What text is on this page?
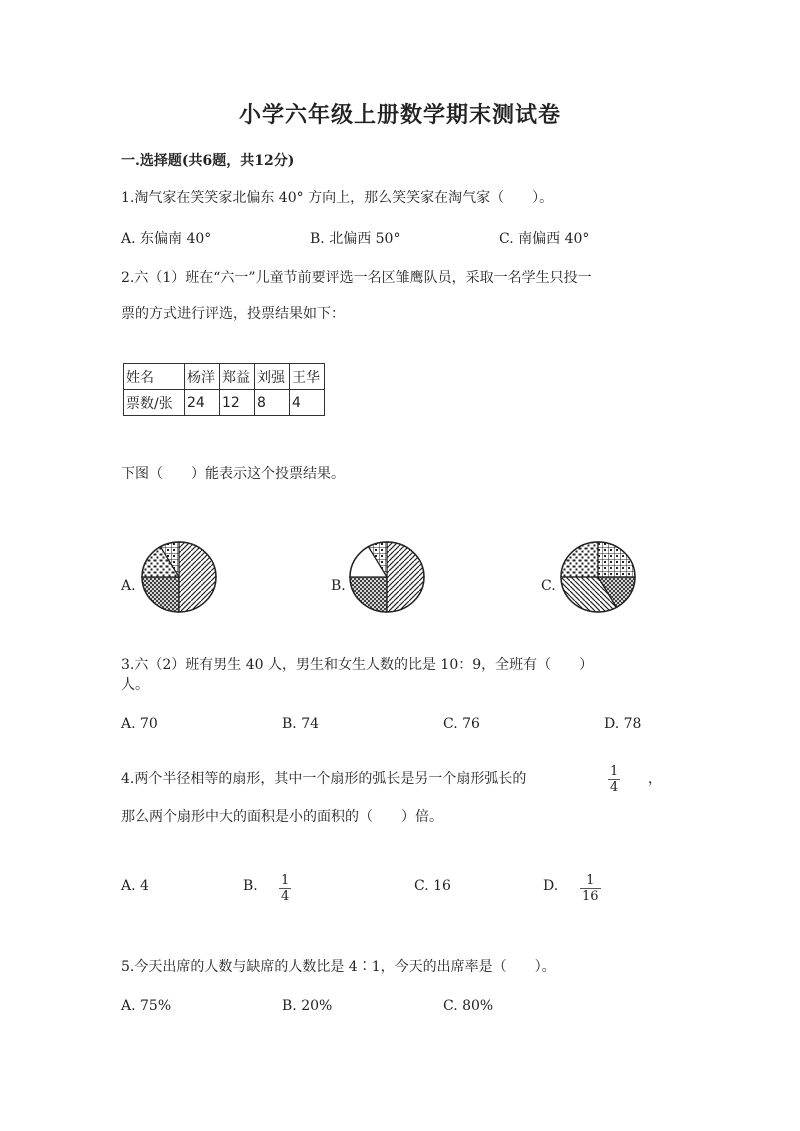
小学六年级上册数学期末测试卷
一.选择题(共6题，共12分)
1.淘气家在笑笑家北偏东 40° 方向上，那么笑笑家在淘气家（　　）。
A. 东偏南 40°	B. 北偏西 50°	C. 南偏西 40°
2.六（1）班在“六一”儿童节前要评选一名区雏鹰队员，采取一名学生只投一
票的方式进行评选，投票结果如下：
姓名	杨洋	郑益	刘强	王华
票数/张	24	12	8	4
下图（　　）能表示这个投票结果。
A.	B.	C.
3.六（2）班有男生 40 人，男生和女生人数的比是 10：9，全班有（　　）
人。
A. 70	B. 74	C. 76	D. 78
4.两个半径相等的扇形，其中一个扇形的弧长是另一个扇形弧长的	$\frac{1}{4}$ ，
那么两个扇形中大的面积是小的面积的（　　）倍。
A. 4	B. $\frac{1}{4}$	C. 16	D. $\frac{1}{16}$
5.今天出席的人数与缺席的人数比是 4∶1，今天的出席率是（　　）。
A. 75%	B. 20%	C. 80%
